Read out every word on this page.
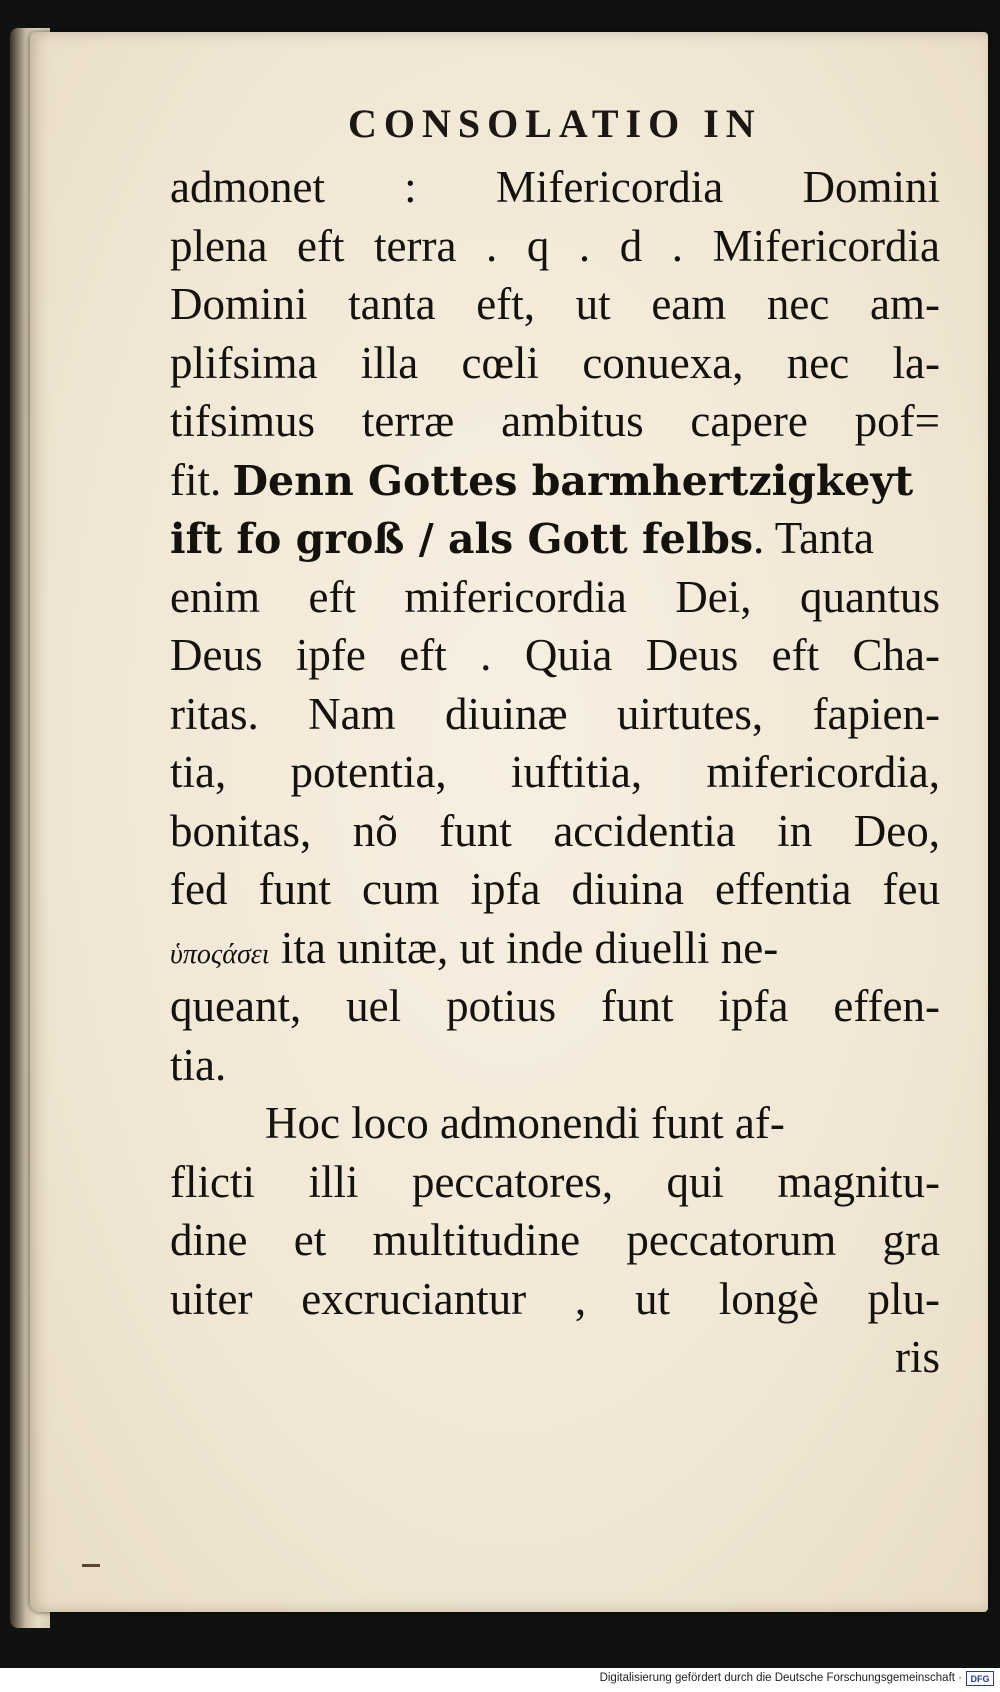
CONSOLATIO IN
admonet : Mifericordia Domini
plena eft terra . q . d . Mifericordia
Domini tanta eft, ut eam nec am-
plifsima illa cœli conuexa, nec la-
tifsimus terræ ambitus capere pof=
fit. Denn Gottes barmhertzigkeyt
ift fo groß / als Gott felbs. Tanta
enim eft mifericordia Dei, quantus
Deus ipfe eft . Quia Deus eft Cha-
ritas. Nam diuinæ uirtutes, fapien-
tia, potentia, iuftitia, mifericordia,
bonitas, nõ funt accidentia in Deo,
fed funt cum ipfa diuina effentia feu
ὑποςάσει ita unitæ, ut inde diuelli ne-
queant, uel potius funt ipfa effen-
tia.
Hoc loco admonendi funt af-
flicti illi peccatores, qui magnitu-
dine et multitudine peccatorum gra
uiter excruciantur , ut longè plu-
ris
Digitalisierung gefördert durch die Deutsche Forschungsgemeinschaft · DFG
